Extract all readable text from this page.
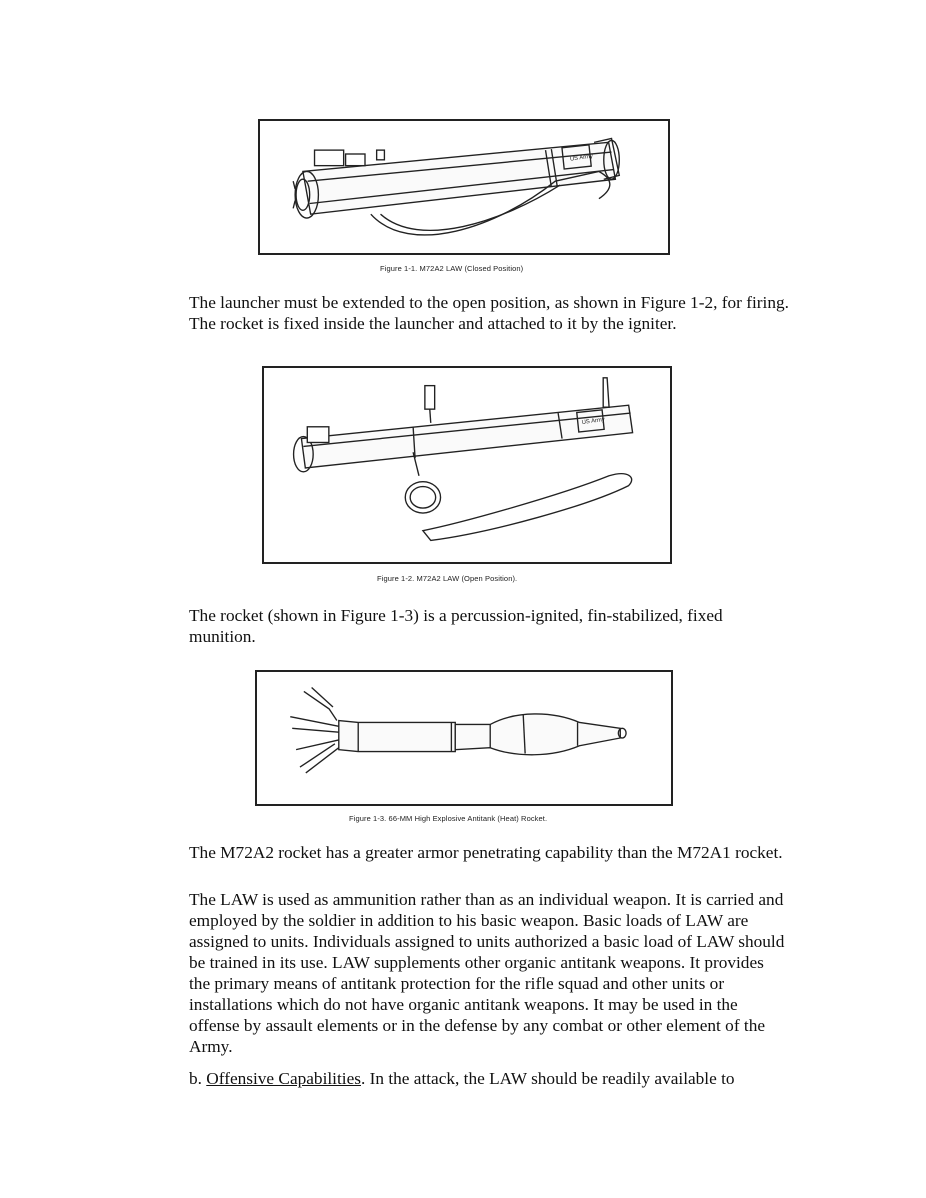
US Army
Figure 1-1. M72A2 LAW (Closed Position)

The launcher must be extended to the open position, as shown in Figure 1-2, for firing. The rocket is fixed inside the launcher and attached to it by the igniter.

US Army
Figure 1-2. M72A2 LAW (Open Position).

The rocket (shown in Figure 1-3) is a percussion-ignited, fin-stabilized, fixed munition.

Figure 1-3. 66-MM High Explosive Antitank (Heat) Rocket.

The M72A2 rocket has a greater armor penetrating capability than the M72A1 rocket.

The LAW is used as ammunition rather than as an individual weapon. It is carried and employed by the soldier in addition to his basic weapon. Basic loads of LAW are assigned to units. Individuals assigned to units authorized a basic load of LAW should be trained in its use. LAW supplements other organic antitank weapons. It provides the primary means of antitank protection for the rifle squad and other units or installations which do not have organic antitank weapons. It may be used in the offense by assault elements or in the defense by any combat or other element of the Army.

b. Offensive Capabilities. In the attack, the LAW should be readily available to
